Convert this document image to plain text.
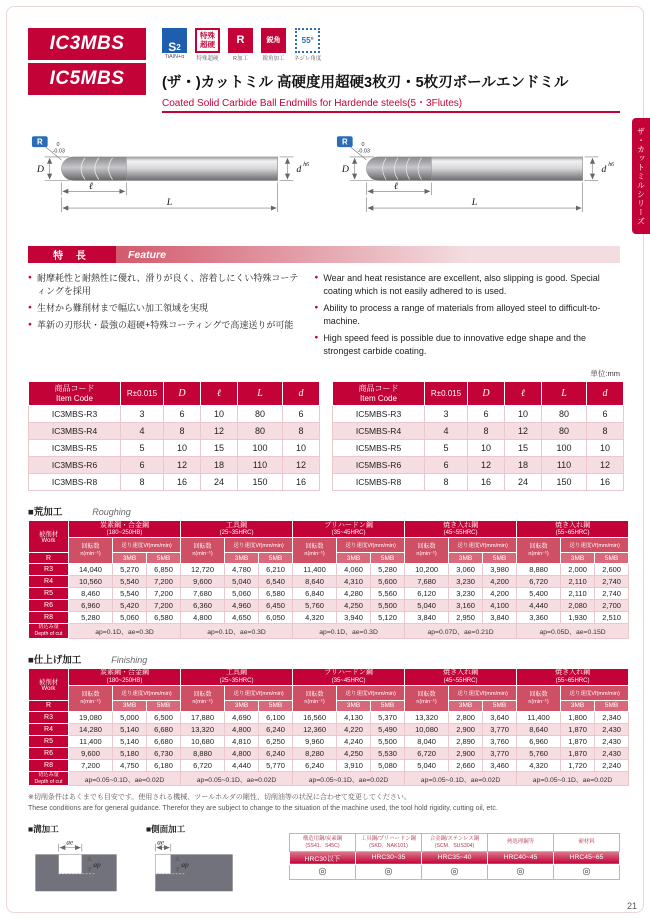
IC3MBS
IC5MBS
S 2
TiAlN+α
特殊
超硬
特殊超硬
R
R加工
鋭角
鋭角加工
55°
ネジレ角度
(ザ・)カットミル 高硬度用超硬3枚刃・5枚刃ボールエンドミル
Coated Solid Carbide Ball Endmills for Hardende steels(5・3Flutes)
R	0
-0.03
D
ℓ
L
d h6
R	0
-0.03
D
ℓ
L
d h6
特 長	Feature
● 耐摩耗性と耐熱性に優れ、滑りが良く、溶着しにくい特殊コーティングを採用
● 生材から難削材まで幅広い加工領域を実現
● 革新の刃形状・最強の超硬+特殊コーティングで高速送りが可能
● Wear and heat resistance are excellent, also slipping is good. Special coating which is not easily adhered to is used.
● Ability to process a range of materials from alloyed steel to difficult-to-machine.
● High speed feed is possible due to innovative edge shape and the strongest carbide coating.
単位:mm
商品コード
Item Code	R±0.015	D	ℓ	L	d
IC3MBS-R3	3	6	10	80	6
IC3MBS-R4	4	8	12	80	8
IC3MBS-R5	5	10	15	100	10
IC3MBS-R6	6	12	18	110	12
IC3MBS-R8	8	16	24	150	16
商品コード
Item Code	R±0.015	D	ℓ	L	d
IC5MBS-R3	3	6	10	80	6
IC5MBS-R4	4	8	12	80	8
IC5MBS-R5	5	10	15	100	10
IC5MBS-R6	6	12	18	110	12
IC5MBS-R8	8	16	24	150	16
■荒加工	Roughing
被削材
Work	炭素鋼・合金鋼
(180~250HB)			工具鋼
(25~35HRC)			プリハードン鋼
(35~45HRC)			焼き入れ鋼
(45~55HRC)			焼き入れ鋼
(55~65HRC)		

	回転数
n(min⁻¹)	送り速度Vf(mm/min)		回転数
n(min⁻¹)	送り速度Vf(mm/min)		回転数
n(min⁻¹)	送り速度Vf(mm/min)		回転数
n(min⁻¹)	送り速度Vf(mm/min)		回転数
n(min⁻¹)	送り速度Vf(mm/min)	
R		3MB	5MB		3MB	5MB		3MB	5MB		3MB	5MB		3MB	5MB
R3	14,040	5,270	6,850	12,720	4,780	6,210	11,400	4,060	5,280	10,200	3,060	3,980	8,880	2,000	2,600
R4	10,560	5,540	7,200	9,600	5,040	6,540	8,640	4,310	5,600	7,680	3,230	4,200	6,720	2,110	2,740
R5	8,460	5,540	7,200	7,680	5,060	6,580	6,840	4,280	5,560	6,120	3,230	4,200	5,400	2,110	2,740
R6	6,960	5,420	7,200	6,360	4,960	6,450	5,760	4,250	5,500	5,040	3,160	4,100	4,440	2,080	2,700
R8	5,280	5,060	6,580	4,800	4,650	6,050	4,320	3,940	5,120	3,840	2,950	3,840	3,360	1,930	2,510

切込み量
Depth of cut	ap=0.1D、ae=0.3D			ap=0.1D、ae=0.3D			ap=0.1D、ae=0.3D			ap=0.07D、ae=0.21D			ap=0.05D、ae=0.15D		
■仕上げ加工	Finishing
被削材
Work	炭素鋼・合金鋼
(180~250HB)			工具鋼
(25~35HRC)			プリハードン鋼
(35~45HRC)			焼き入れ鋼
(45~55HRC)			焼き入れ鋼
(55~65HRC)		

	回転数
n(min⁻¹)	送り速度Vf(mm/min)		回転数
n(min⁻¹)	送り速度Vf(mm/min)		回転数
n(min⁻¹)	送り速度Vf(mm/min)		回転数
n(min⁻¹)	送り速度Vf(mm/min)		回転数
n(min⁻¹)	送り速度Vf(mm/min)	
R		3MB	5MB		3MB	5MB		3MB	5MB		3MB	5MB		3MB	5MB
R3	19,080	5,000	6,500	17,880	4,690	6,100	16,560	4,130	5,370	13,320	2,800	3,640	11,400	1,800	2,340
R4	14,280	5,140	6,680	13,320	4,800	6,240	12,360	4,220	5,490	10,080	2,900	3,770	8,640	1,870	2,430
R5	11,400	5,140	6,680	10,680	4,810	6,250	9,960	4,240	5,500	8,040	2,890	3,760	6,960	1,870	2,430
R6	9,600	5,180	6,730	8,880	4,800	6,240	8,280	4,250	5,530	6,720	2,900	3,770	5,760	1,870	2,430
R8	7,200	4,750	6,180	6,720	4,440	5,770	6,240	3,910	5,080	5,040	2,660	3,460	4,320	1,720	2,240

切込み量
Depth of cut	ap=0.05~0.1D、ae=0.02D			ap=0.05~0.1D、ae=0.02D			ap=0.05~0.1D、ae=0.02D			ap=0.05~0.1D、ae=0.02D			ap=0.05~0.1D、ae=0.02D		
※切削条件はあくまでも目安です。使用される機械、ツールホルダの剛性、切削油等の状況に合わせて変更してください。
These conditions are for general guidance. Therefor they are subject to change to the situation of the machine used, the tool hold rigidity, cutting oil, etc.
■溝加工
ae
ap
■側面加工
ae
ap
構造用鋼/炭素鋼
(SS41、S45C)	工具鋼/プリハードン鋼
(SKD、NAK101)	合金鋼/ステンレス鋼
(SCM、SUS304)	熱処理鋼等	硬材料

HRC30以下	HRC30~35	HRC35~40	HRC40~45	HRC45~65
◎	◎	◎	◎	◎
ザ・カットミルシリーズ
21
